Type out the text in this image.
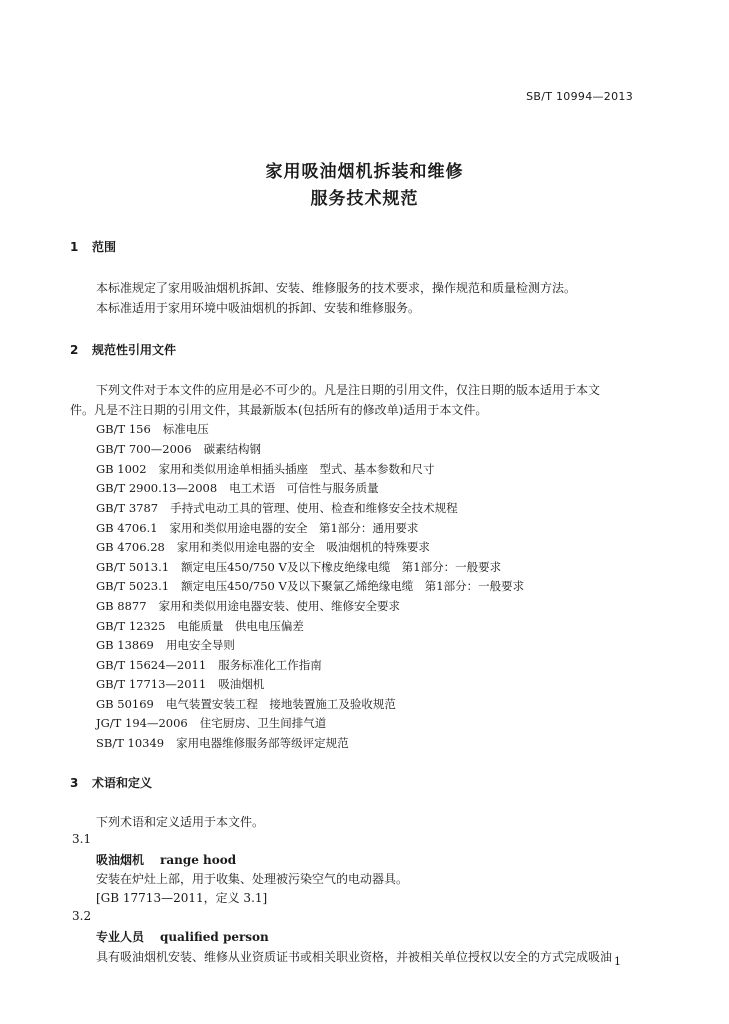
SB/T 10994—2013
家用吸油烟机拆装和维修
服务技术规范
1 范围
本标准规定了家用吸油烟机拆卸、安装、维修服务的技术要求，操作规范和质量检测方法。
本标准适用于家用环境中吸油烟机的拆卸、安装和维修服务。
2 规范性引用文件
下列文件对于本文件的应用是必不可少的。凡是注日期的引用文件，仅注日期的版本适用于本文
件。凡是不注日期的引用文件，其最新版本(包括所有的修改单)适用于本文件。
GB/T 156 标准电压
GB/T 700—2006 碳素结构钢
GB 1002 家用和类似用途单相插头插座　型式、基本参数和尺寸
GB/T 2900.13—2008 电工术语　可信性与服务质量
GB/T 3787 手持式电动工具的管理、使用、检查和维修安全技术规程
GB 4706.1 家用和类似用途电器的安全　第1部分：通用要求
GB 4706.28 家用和类似用途电器的安全　吸油烟机的特殊要求
GB/T 5013.1 额定电压450/750 V及以下橡皮绝缘电缆　第1部分：一般要求
GB/T 5023.1 额定电压450/750 V及以下聚氯乙烯绝缘电缆　第1部分：一般要求
GB 8877 家用和类似用途电器安装、使用、维修安全要求
GB/T 12325 电能质量　供电电压偏差
GB 13869 用电安全导则
GB/T 15624—2011 服务标准化工作指南
GB/T 17713—2011 吸油烟机
GB 50169 电气装置安装工程　接地装置施工及验收规范
JG/T 194—2006 住宅厨房、卫生间排气道
SB/T 10349 家用电器维修服务部等级评定规范
3 术语和定义
下列术语和定义适用于本文件。
3.1
吸油烟机 range hood
安装在炉灶上部，用于收集、处理被污染空气的电动器具。
[GB 17713—2011，定义 3.1]
3.2
专业人员 qualified person
具有吸油烟机安装、维修从业资质证书或相关职业资格，并被相关单位授权以安全的方式完成吸油 1
